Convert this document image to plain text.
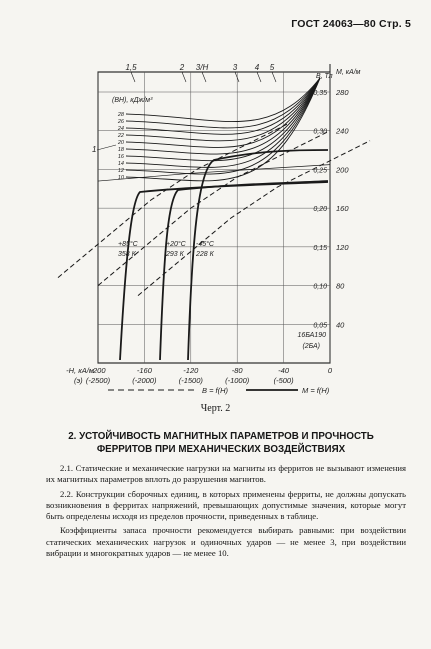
ГОСТ 24063—80 Стр. 5
0,35
0,30
0,25
0,20
0,15
0,10
0,05
280
240
200
160
120
80
40
В, Тл
М, кА/м
-200	-160	-120	-80	-40	0
(-2500)	(-2000)	(-1500)	(-1000)	(-500)
-Н, кА/м
(э)
1,5	2 3/Н	3 4 5
1
(ВН), кДж/м³
28
26
24
22
20
18
16
14
12
10
+85°С
358 К
+20°С
293 К
-45°С
228 К
16БА190
(2БА)
B = f(H)	M = f(H)
Черт. 2
2. УСТОЙЧИВОСТЬ МАГНИТНЫХ ПАРАМЕТРОВ И ПРОЧНОСТЬ ФЕРРИТОВ ПРИ МЕХАНИЧЕСКИХ ВОЗДЕЙСТВИЯХ

2.1. Статические и механические нагрузки на магниты из ферритов не вызывают изменения их магнитных параметров вплоть до разрушения магнитов.

2.2. Конструкции сборочных единиц, в которых применены ферриты, не должны допускать возникновения в ферритах напряжений, превышающих допустимые значения, которые могут быть определены исходя из пределов прочности, приведенных в таблице.

Коэффициенты запаса прочности рекомендуется выбирать равными: при воздействии статических механических нагрузок и одиночных ударов — не менее 3, при воздействии вибрации и многократных ударов — не менее 10.
